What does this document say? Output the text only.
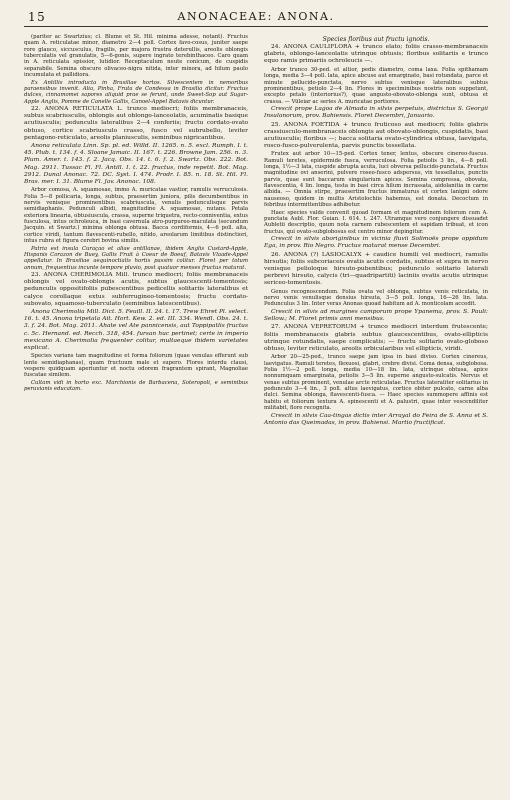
15	ANONACEAE: ANONA.

(pariter ac Swartzius; cl. Blume et St. Hil. minima adesse, notant). Fructus quam A. reticulatae minor, diametro 2—4 poll. Cortex favo-cosus, juniter saepe rore glauco, siccusculus, fragilis, per majora frustra deterullis, areolis oblongis tuberculatis vel granulatis, 5—6-gonis, supere ingrato terebinthaceo. Caro quam in A. reticulata spissior, lutidior. Receptaculum neute conicum, de cuspidis separabile. Semina obscure olivaceo-nigra nitida, inter minora, ad hilum paulo incumulata et pallidiora.

Ex Antillis introducta in Brasiliae hortos. Silvescentem in nemoribus paraensibus invenit. Alia, Pinha, Fruta de Condessa in Brasilia dicitur. Fructus dulces, cinnamomei sapores aliquid prae se ferunt, unde Sweet-Sop aut Sugar-Apple Anglis, Pomme de Canelle Gallis, Canoel-Appel Batavis dicuntur.

22. ANONA RETICULATA L. trunco mediocri; foliis membranaceis, subtus scabriusculis, oblongis aut oblongo-lanceolatis, acuminatis basique acutiusculis; pedunculis lateralibus 2—4 conferiis; fructu cordato-ovato obtuso, cortice scabriusculo crasso, fusco vel subrubello, leviter pentagono-reticulato, areolis planiusculis, seminibus nigricantibus.

Anona reticulata Linn. Sp. pl. ed. Willd. II. 1265. n. 5. excl. Rumph. I. t. 45. Plub. t. 134. f. 4. Sloane Jamaic. II. 167. t. 226. Browne Jam. 256. n. 3. Plum. Amer. t. 143. f. 2. Jacq. Obs. 14. t. 6. f. 2. Swartz. Obs. 222. Bot. Mag. 2911. Tussac Fl. Fl. Antill. I. t. 22. fructus, inde repetit. Bot. Mag. 2912. Dunal Anonac. 72. DC. Syst. I. 474. Prodr. I. 85. n. 18. St. Hil. Fl. Bras. mer. I. 31. Blume Fl. Jav. Anonac. 108.

Arbor comosa, A. squamosae, immo A. muricatae vastior, ramulis verruculosis. Folia 5—8 pollicaria, longa, subtus, praesertim juniora, pilis decumbentibus in nervis venisque prominentibus scabriuscula, venulis pedunculisque parvis semidiaphanis. Pedunculi albidi, magnitudine A. squamosae, nutans. Petala exteriora linearia, obtusiuscula, crassa, superne triquetra, recto-conniventia, extus fusculosa, intus ochroleuca, in basi cavernula atro-purpureo-maculata (secundum Jacquin. et Swartz.) minima oblonga obtusa. Bacca cordiformis, 4—6 poll. alta, cortice viridi, tantum flavescenti-rubello, nitido, areolarum limitibus distinctiori, intus rubra et figura cerebri bovina similis.

Patria est insula Curaçao et aliae antillanae, ibidem Anglis Custard-Apple, Hispanis Corazon de Buey, Gallis Fruit à Coeur de Boeuf, Batavis Vlaade-Appel appellatur. In Brasiliae aequinoctialis hortis passim colitur. Floret per totum annum, frequentius incunte tempore pluvio, post quatuor menses fructus maturat.

23. ANONA CHERIMOLIA Mill. trunco mediocri; foliis membranaceis oblongis vel ovato-oblongis acutis, subtus glaucescenti-tomentosis; pedunculis oppositifoliis pubescentibus pedicellis solitariis lateralibus et calyce corollaque extus subferrugineo-tomentosis; fructu cordato-subovato, squamoso-tuberculato (seminibus latescentibus).

Anona Cherimolia Mill. Dict. 5. Feuill. II. 24. t. 17. Trew Ehret Pl. select. 16. t. 45. Anona tripetala Ait. Hort. Kew. 2. ed. III. 334. Wendl. Obs. 24. t. 3. f. 24. Bot. Mag. 2011. Ahate vel Ate pannicensis, aut Toppipatlis fructus c. 5c. Hernand. ed. Recch. 318, 454. fursan huc pertinet; certe in imperio mexicano A. Cherimolia frequenter colitur, multaeque ibidem varietates explicat.

Species varians tam magnitudine et forma foliorum (quae venulas efferunt sub lente semidiaphanas), quam fructuum male et supero. Flores interdu clausi, vespere quidquam aperiuntur et noctu odorem fragrantem spirant, Magnoliae fuscatae similem.

Cultam vidi in horto exc. Marchionis de Barbacena, Soteropoli, e seminibus peruvianis educatam.

Species floribus aut fructu ignotis.

24. ANONA CAULIFLORA + trunco elato; foliis crasso-membranaceis glabris, oblongo-lanceolatis utrinque obtusis; floribus solitariis e trunco equo ramis primariis ochroleucis —.

Arbor trunco 30-ped. et altior, pedis diametro, coma laxa. Folia spithamam longa, media 3—4 poll. lata, apice abcuse aut emarginato, basi rotundata, parce et minute pellucido-punctata, nervo subtus venisque lateralibus subtus prominentibus, petiolo 2—4 lin. Flores in speciminibus nostris non suppetunt, excepto petalo (interiorius?), quae angusto-obovato-oblonga sunt, obtusa et crassa. — Vüleiar ac series A. muricatae portiores.

Crescit prope Lagoa de Almada in silvis perpetuis, districtus S. Georgii Insulanorum, prov. Bahiensis. Floret Decembri, Januario.

25. ANONA FOETIDA + trunco fruticoso aut mediocri; foliis glabris crassiusculo-membranaceis oblongis aut obovato-oblongis, cuspidatis, basi acutiusculis; floribus —; bacca solitaria ovato-cylindrica obtusa, laevigata, rosco-fusco-pulverulenta, parvis punctis tessellata.

Frutex aut arbor 10—15-ped. Cortex tener, lentus, obscure cinereo-fuscus. Ramuli teretes, epidermide fusca, verruculosa. Folia petiolis 3 lin., 4—8 poll. longa, 1½—3 lata, cuspide abrupta acuta, luci obversa pellucido-punctata. Fructus magnitudine ovi anserini, pulvere roseo-fusco adspersus, vix tessellatus, punctis parvis, quae sunt baccarum singularium apices. Semina compressa, obovata, flavescentia, 4 lin. longa, testa in basi circa hilum incrassata, aidolanitia in carne albida. — Omnia stirpe, praesertim fructus immaturus et cortex lanigni odore nauseoso, quidem in multis Aristolochiis habemus, est donata. Decoctum in febribus intermittentibus adhibetur.

Haec species valde convenit quoad formam et magnitudinem foliorum cum A. punctata Aubl. Flor. Guian. I. 614. t. 247. Utramque vero conjungere dissuadet Aubletii descriptio, quum nota carnem rubescentem et sapidam tribuat, et icon fructus, qui ovato-subglobosus est centro minor depingitur.

Crescit in silvis aboriginibus in vicinia fluvii Solimoës prope oppidum Ega, in prov. Rio Negro. Fructus maturat mense Decembri.

26. ANONA (?) LASIOCALYX + caudice humili vel mediocri, ramulis hirsutis; foliis subcoriaceis ovatis acutis cordatis, subtus et supra in nervo venisque pelioloque hirsuto-pubentibus; pedunculo solitario laterali perbrevi hirsuto, calycis (tri—quadripartiti) laciniis ovatis acutis utrinque sericeo-tomentosis.

Genus recognoscendum. Folia ovata vel oblonga, subtus venis reticulata, in nervo venis venulisque densius hirsuta, 3—5 poll. longa, 16—26 lin. lata. Pedunculus 3 lin. Inter veras Anonas quoad habitum ad A. monticolam accedit.

Crescit in silvis ad margines camporum prope Ypanema, prov. S. Pauli: Sellow.; M. Floret primis anni mensibus.

27. ANONA VEPRETORUM + trunco mediocri interdum frutescente; foliis membranaceis glabris subtus glaucescentibus, ovato-ellipticis utrinque rotundatis, saepe complicatis; — fructu solitario ovato-globoso obtuso, leviter reticulato, areolis orbicularibus vel ellipticis, viridi.

Arbor 20—25-ped., trunco saepe jam ipsa in basi diviso. Cortex cinereus, laevigatus. Ramuli teretes, flexuosi, glabri, crebre divisi. Coma densa, subglobosa. Folia 1½—2 poll. longa, media 10—18 lin. lata, utrinque obtusa, apice nonnumquam emarginata, petiolis 3—5 lin. superne angusto-sulcatis. Nervus et venae subtus prominent, venulae arcte reticulatae. Fructus lateraliter solitarius in pedunculo 3—4 lin., 3 poll. altus laevigatus, cortice obiter pulcato, carne alba dulci. Semina oblonga, flavescenti-fusca. — Haec species summopere affinis est habitu et foliorum textura A. spinescenti et A. palustri, quae inter vescendiliter militabit, flore recognita.

Crescit in silvis Caa-tingas dictis inter Arrayal do Feira de S. Anna et S. Antonio das Queimadas, in prov. Bahiensi. Martio fructificat.
